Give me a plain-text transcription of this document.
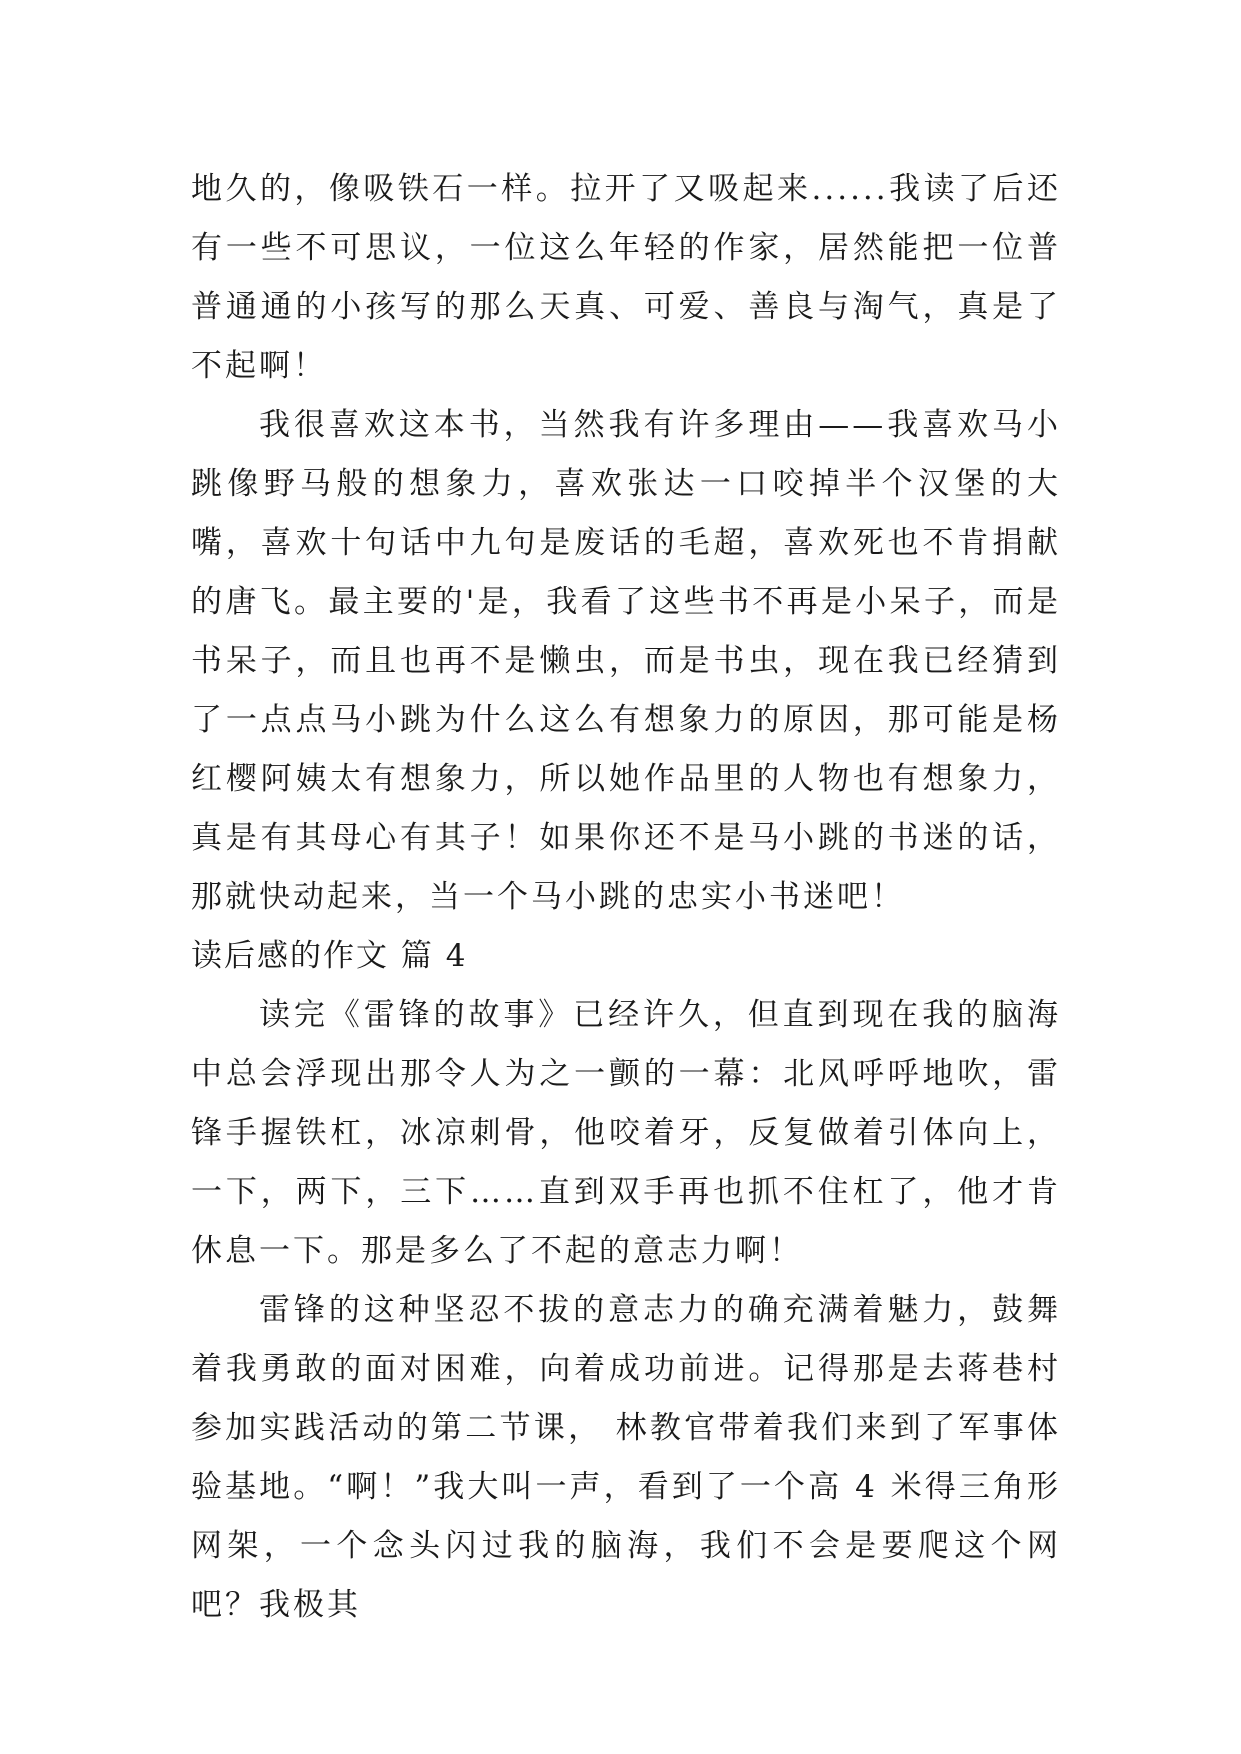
地久的，像吸铁石一样。拉开了又吸起来......我读了后还有一些不可思议，一位这么年轻的作家，居然能把一位普普通通的小孩写的那么天真、可爱、善良与淘气，真是了不起啊！

我很喜欢这本书，当然我有许多理由——我喜欢马小跳像野马般的想象力，喜欢张达一口咬掉半个汉堡的大嘴，喜欢十句话中九句是废话的毛超，喜欢死也不肯捐献的唐飞。最主要的'是，我看了这些书不再是小呆子，而是书呆子，而且也再不是懒虫，而是书虫，现在我已经猜到了一点点马小跳为什么这么有想象力的原因，那可能是杨红樱阿姨太有想象力，所以她作品里的人物也有想象力，真是有其母心有其子！如果你还不是马小跳的书迷的话，那就快动起来，当一个马小跳的忠实小书迷吧！

读后感的作文 篇 4

读完《雷锋的故事》已经许久，但直到现在我的脑海中总会浮现出那令人为之一颤的一幕：北风呼呼地吹，雷锋手握铁杠，冰凉刺骨，他咬着牙，反复做着引体向上，一下，两下，三下……直到双手再也抓不住杠了，他才肯休息一下。那是多么了不起的意志力啊！

雷锋的这种坚忍不拔的意志力的确充满着魅力，鼓舞着我勇敢的面对困难，向着成功前进。记得那是去蒋巷村参加实践活动的第二节课， 林教官带着我们来到了军事体验基地。“啊！”我大叫一声，看到了一个高 4 米得三角形网架，一个念头闪过我的脑海，我们不会是要爬这个网吧？我极其
